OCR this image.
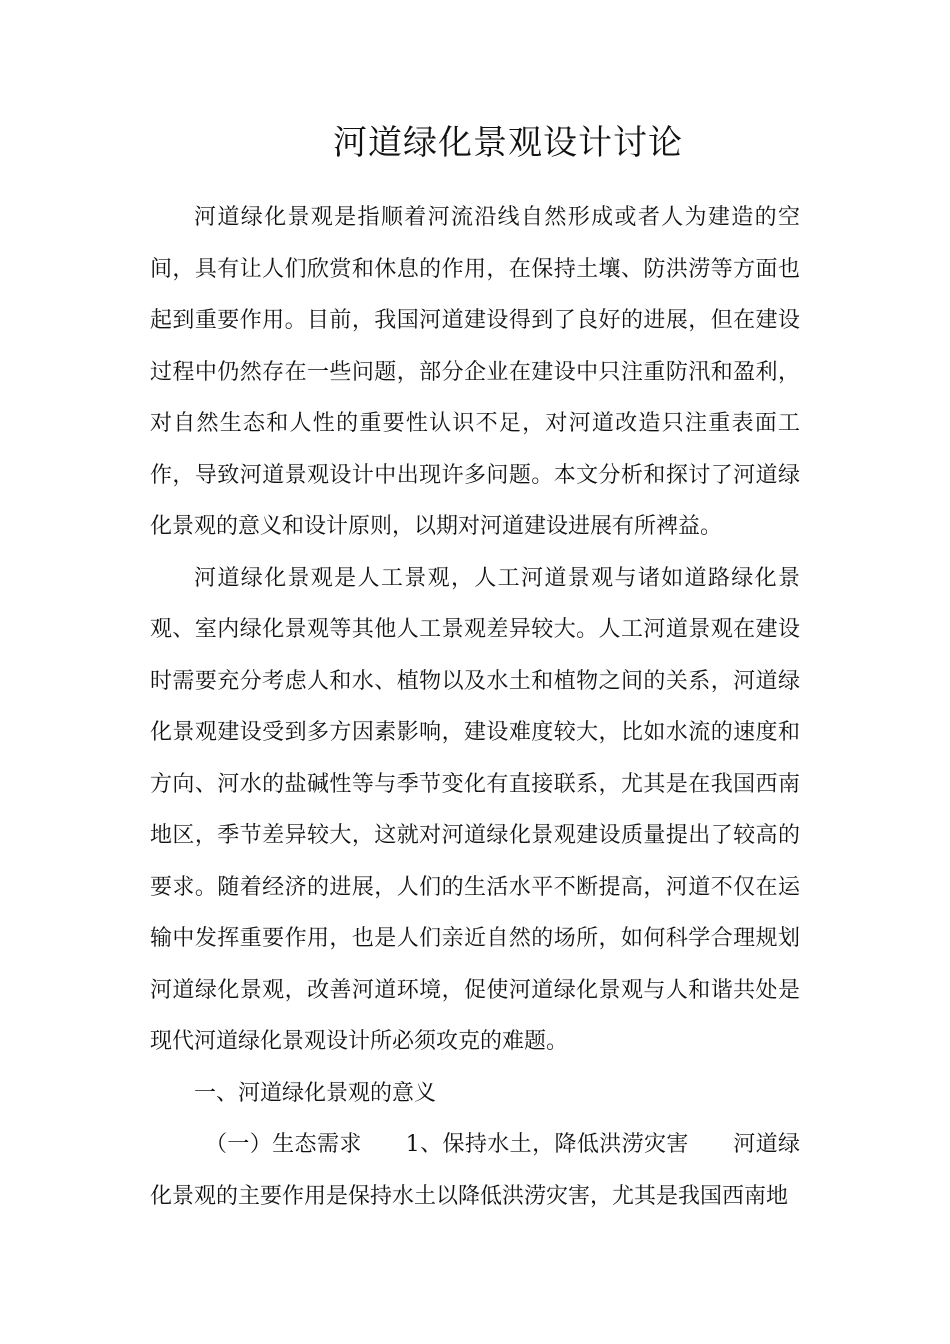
河道绿化景观设计讨论

河道绿化景观是指顺着河流沿线自然形成或者人为建造的空间，具有让人们欣赏和休息的作用，在保持土壤、防洪涝等方面也起到重要作用。目前，我国河道建设得到了良好的进展，但在建设过程中仍然存在一些问题，部分企业在建设中只注重防汛和盈利，对自然生态和人性的重要性认识不足，对河道改造只注重表面工作，导致河道景观设计中出现许多问题。本文分析和探讨了河道绿化景观的意义和设计原则，以期对河道建设进展有所裨益。

河道绿化景观是人工景观，人工河道景观与诸如道路绿化景观、室内绿化景观等其他人工景观差异较大。人工河道景观在建设时需要充分考虑人和水、植物以及水土和植物之间的关系，河道绿化景观建设受到多方因素影响，建设难度较大，比如水流的速度和方向、河水的盐碱性等与季节变化有直接联系，尤其是在我国西南地区，季节差异较大，这就对河道绿化景观建设质量提出了较高的要求。随着经济的进展，人们的生活水平不断提高，河道不仅在运输中发挥重要作用，也是人们亲近自然的场所，如何科学合理规划河道绿化景观，改善河道环境，促使河道绿化景观与人和谐共处是现代河道绿化景观设计所必须攻克的难题。

一、河道绿化景观的意义

（一）生态需求 1、保持水土，降低洪涝灾害 河道绿化景观的主要作用是保持水土以降低洪涝灾害，尤其是我国西南地
